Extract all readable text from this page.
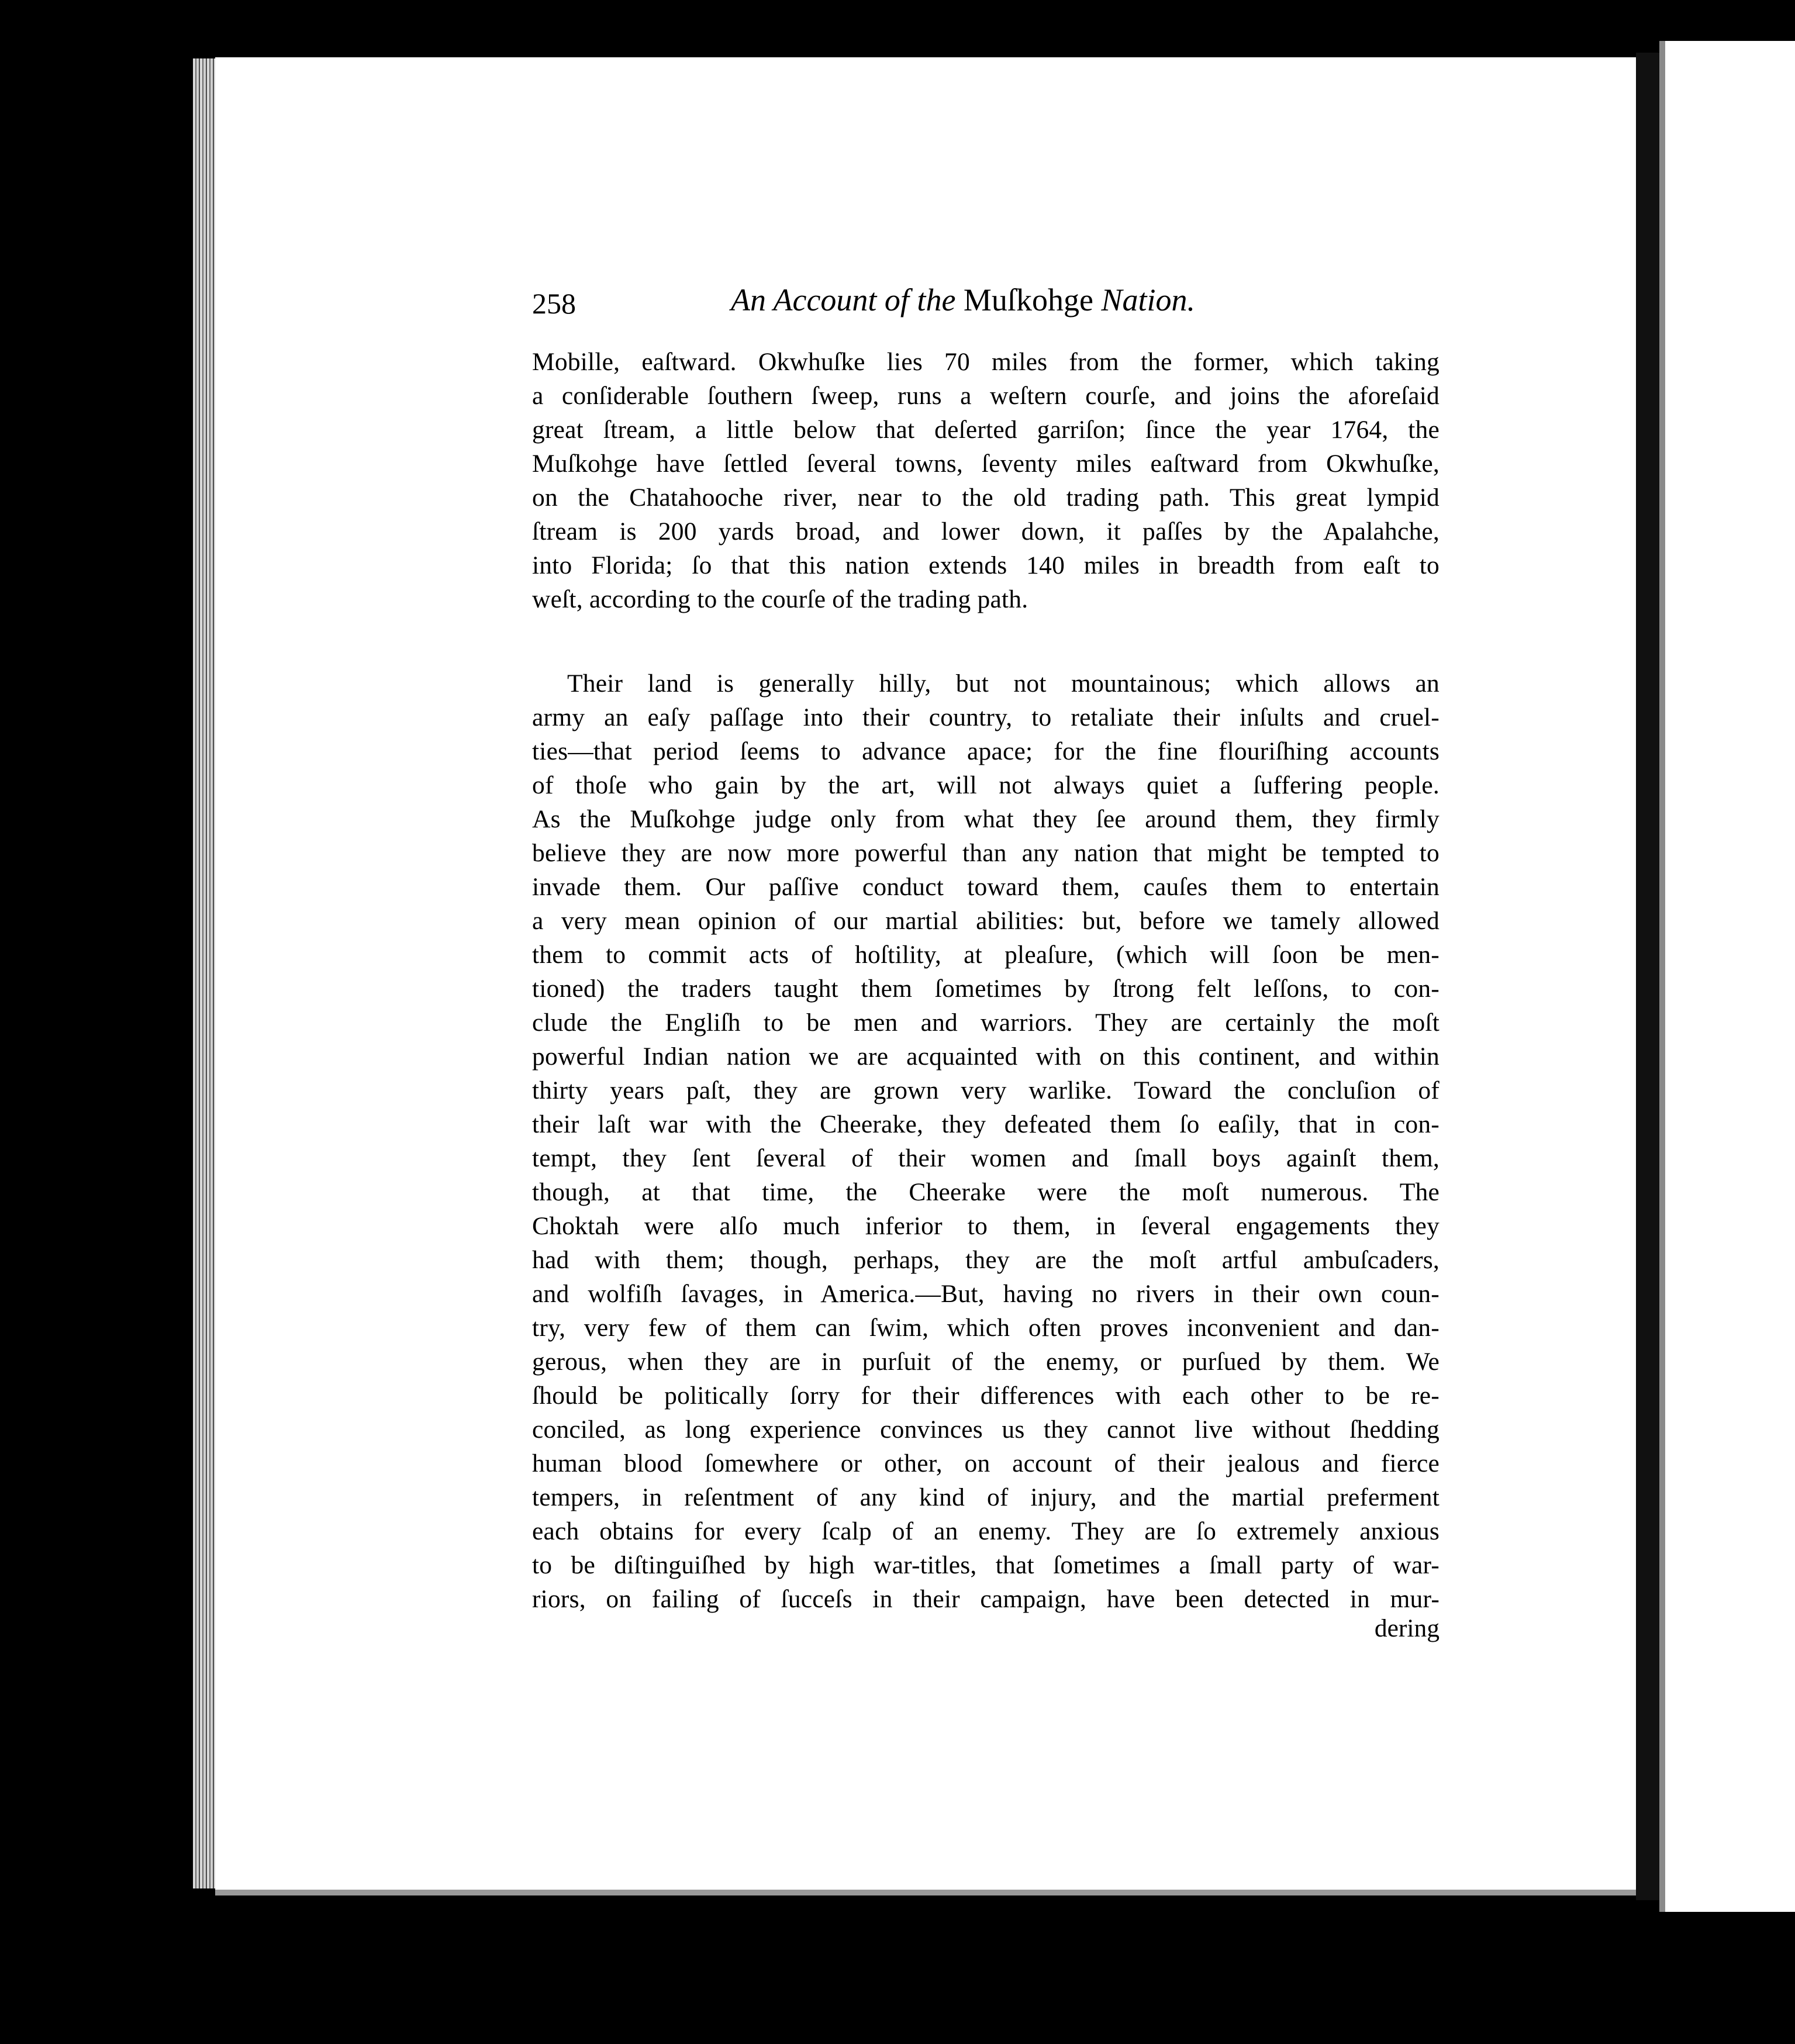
258	An Account of the Muſkohge Nation.

Mobille, eaſtward. Okwhuſke lies 70 miles from the former, which taking
a conſiderable ſouthern ſweep, runs a weſtern courſe, and joins the aforeſaid
great ſtream, a little below that deſerted garriſon; ſince the year 1764, the
Muſkohge have ſettled ſeveral towns, ſeventy miles eaſtward from Okwhuſke,
on the Chatahooche river, near to the old trading path. This great lympid
ſtream is 200 yards broad, and lower down, it paſſes by the Apalahche,
into Florida; ſo that this nation extends 140 miles in breadth from eaſt to
weſt, according to the courſe of the trading path.

Their land is generally hilly, but not mountainous; which allows an
army an eaſy paſſage into their country, to retaliate their inſults and cruel-
ties—that period ſeems to advance apace; for the fine flouriſhing accounts
of thoſe who gain by the art, will not always quiet a ſuffering people.
As the Muſkohge judge only from what they ſee around them, they firmly
believe they are now more powerful than any nation that might be tempted to
invade them. Our paſſive conduct toward them, cauſes them to entertain
a very mean opinion of our martial abilities: but, before we tamely allowed
them to commit acts of hoſtility, at pleaſure, (which will ſoon be men-
tioned) the traders taught them ſometimes by ſtrong felt leſſons, to con-
clude the Engliſh to be men and warriors. They are certainly the moſt
powerful Indian nation we are acquainted with on this continent, and within
thirty years paſt, they are grown very warlike. Toward the concluſion of
their laſt war with the Cheerake, they defeated them ſo eaſily, that in con-
tempt, they ſent ſeveral of their women and ſmall boys againſt them,
though, at that time, the Cheerake were the moſt numerous. The
Choktah were alſo much inferior to them, in ſeveral engagements they
had with them; though, perhaps, they are the moſt artful ambuſcaders,
and wolfiſh ſavages, in America.—But, having no rivers in their own coun-
try, very few of them can ſwim, which often proves inconvenient and dan-
gerous, when they are in purſuit of the enemy, or purſued by them. We
ſhould be politically ſorry for their differences with each other to be re-
conciled, as long experience convinces us they cannot live without ſhedding
human blood ſomewhere or other, on account of their jealous and fierce
tempers, in reſentment of any kind of injury, and the martial preferment
each obtains for every ſcalp of an enemy. They are ſo extremely anxious
to be diſtinguiſhed by high war-titles, that ſometimes a ſmall party of war-
riors, on failing of ſucceſs in their campaign, have been detected in mur-

dering
